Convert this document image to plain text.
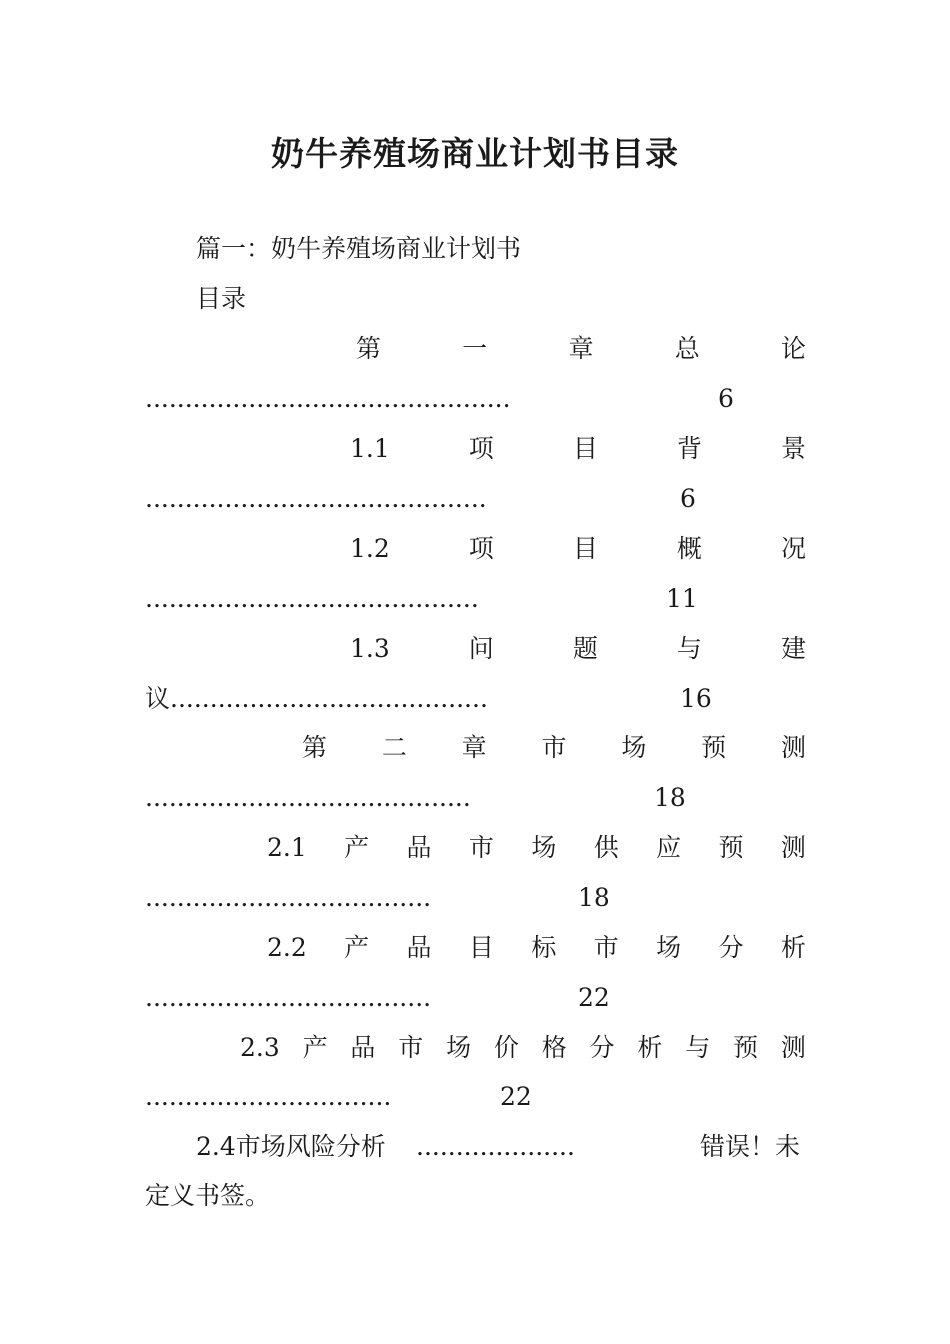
奶牛养殖场商业计划书目录
篇一：奶牛养殖场商业计划书
目录
第	一	章	总	论
..............................................	6
1.1	项	目	背	景
...........................................	6
1.2	项	目	概	况
..........................................	11
1.3	问	题	与	建
议........................................	16
第 二 章 市 场 预 测
.........................................	18
2.1 产 品 市 场 供 应 预 测
....................................	18
2.2 产 品 目 标 市 场 分 析
....................................	22
2.3 产 品 市 场 价 格 分 析 与 预 测
...............................	22
2.4市场风险分析 ....................	错误！未
定义书签。
